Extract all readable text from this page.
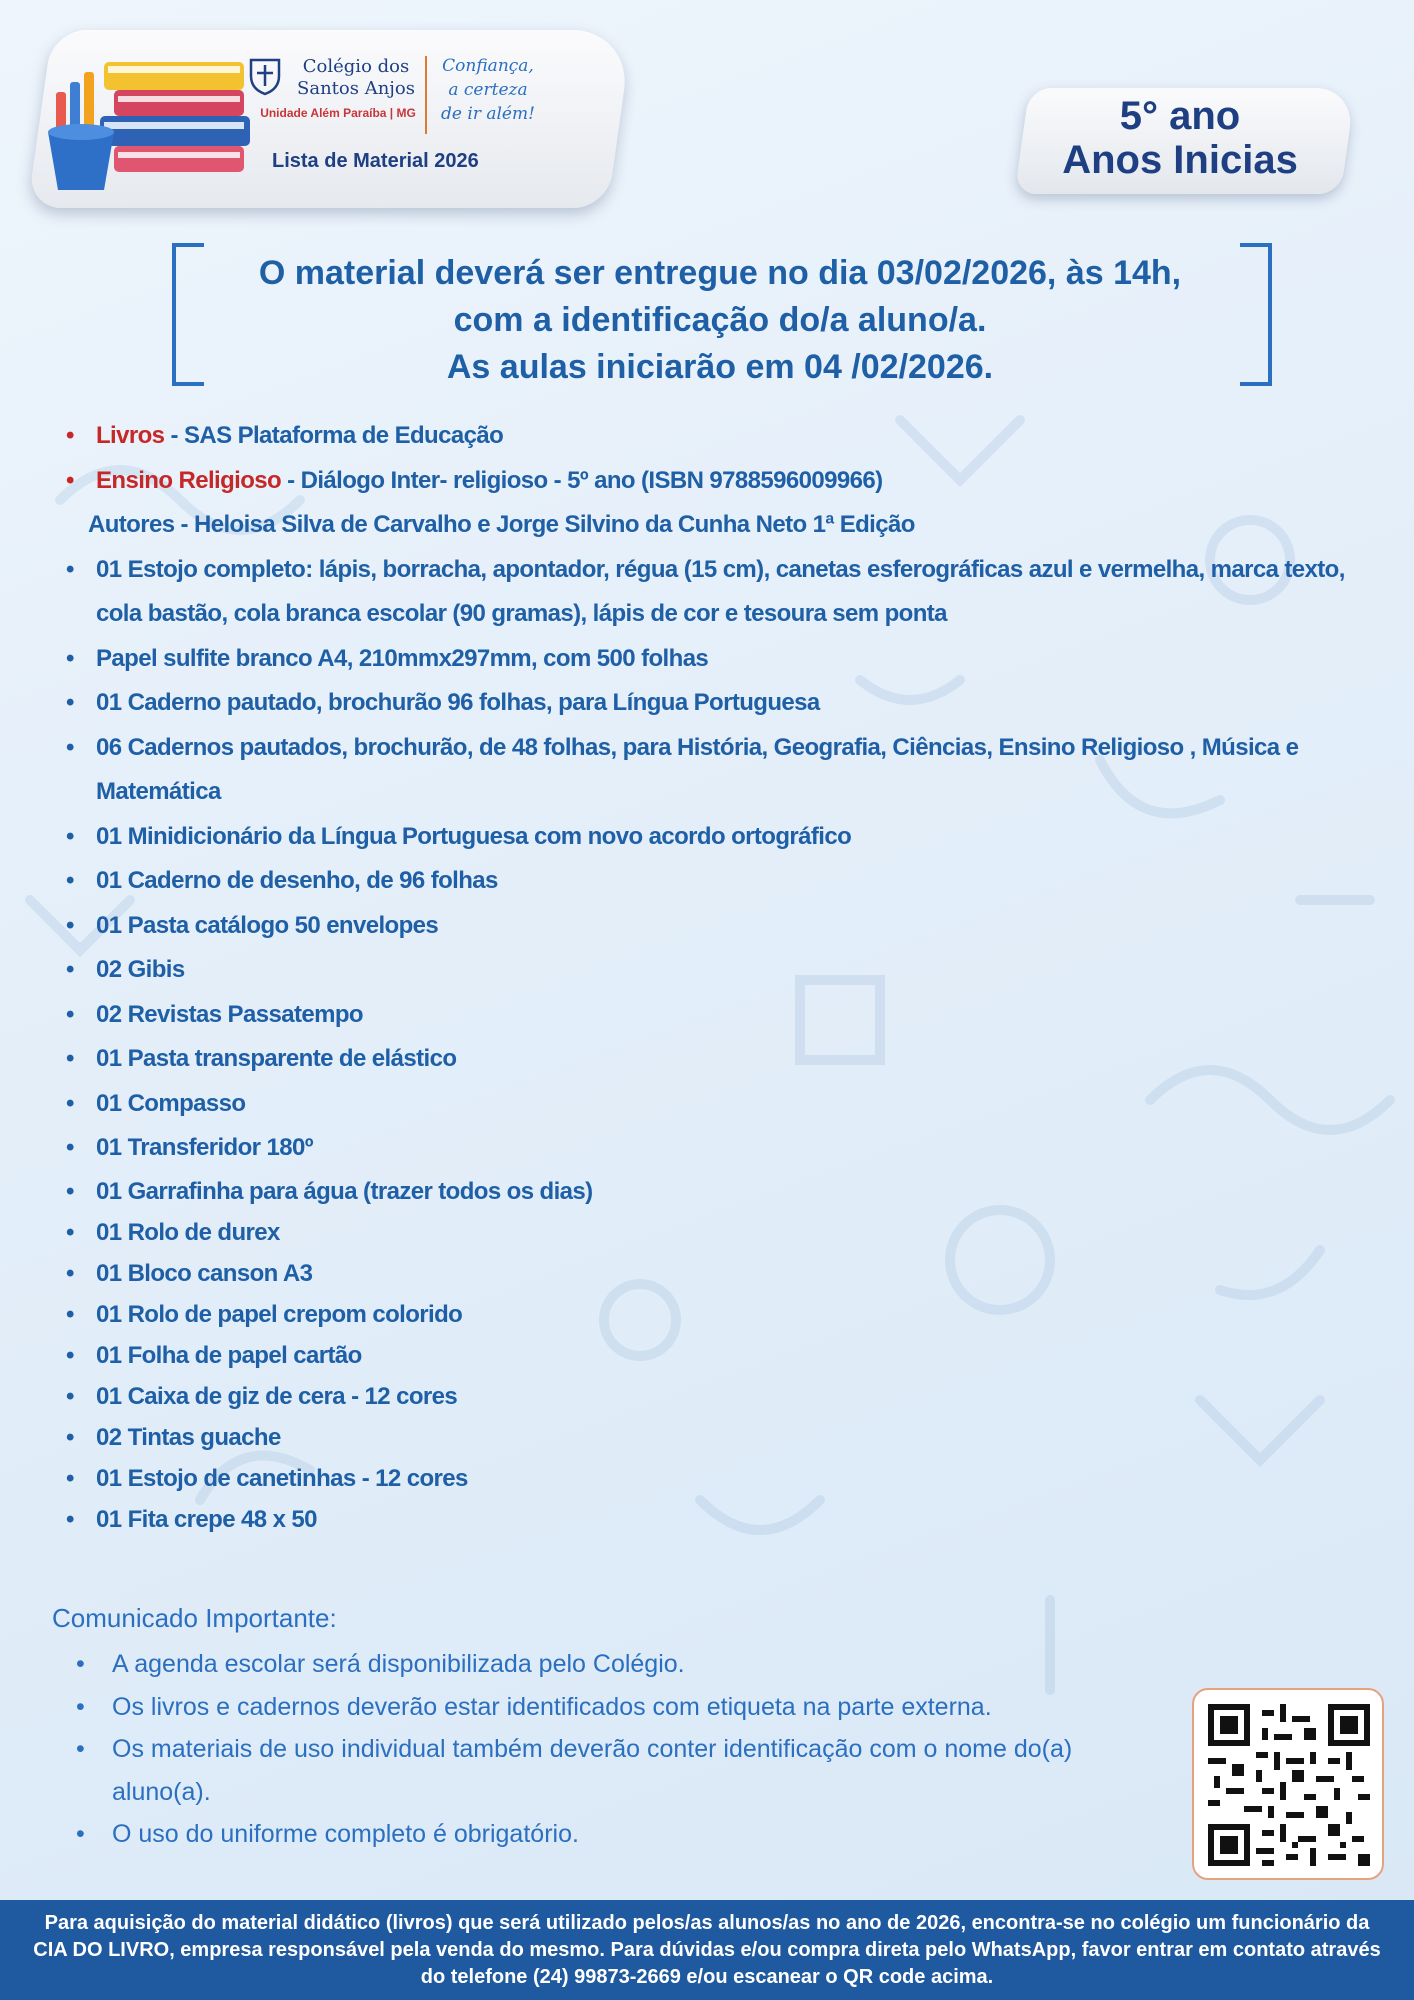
Colégio dos Santos Anjos
Unidade Além Paraíba | MG
Confiança, a certeza de ir além!
Lista de Material 2026
5° ano
Anos Inicias
O material deverá ser entregue no dia 03/02/2026, às 14h,
com a identificação do/a aluno/a.
As aulas iniciarão em 04 /02/2026.
• Livros - SAS Plataforma de Educação
• Ensino Religioso - Diálogo Inter- religioso - 5º ano (ISBN 9788596009966)
Autores - Heloisa Silva de Carvalho e Jorge Silvino da Cunha Neto 1ª Edição
• 01 Estojo completo: lápis, borracha, apontador, régua (15 cm), canetas esferográficas azul e vermelha, marca texto, cola bastão, cola branca escolar (90 gramas), lápis de cor e tesoura sem ponta
• Papel sulfite branco A4, 210mmx297mm, com 500 folhas
• 01 Caderno pautado, brochurão 96 folhas, para Língua Portuguesa
• 06 Cadernos pautados, brochurão, de 48 folhas, para História, Geografia, Ciências, Ensino Religioso , Música e Matemática
• 01 Minidicionário da Língua Portuguesa com novo acordo ortográfico
• 01 Caderno de desenho, de 96 folhas
• 01 Pasta catálogo 50 envelopes
• 02 Gibis
• 02 Revistas Passatempo
• 01 Pasta transparente de elástico
• 01 Compasso
• 01 Transferidor 180º
• 01 Garrafinha para água (trazer todos os dias)
• 01 Rolo de durex
• 01 Bloco canson A3
• 01 Rolo de papel crepom colorido
• 01 Folha de papel cartão
• 01 Caixa de giz de cera - 12 cores
• 02 Tintas guache
• 01 Estojo de canetinhas - 12 cores
• 01 Fita crepe 48 x 50
Comunicado Importante:
• A agenda escolar será disponibilizada pelo Colégio.
• Os livros e cadernos deverão estar identificados com etiqueta na parte externa.
• Os materiais de uso individual também deverão conter identificação com o nome do(a) aluno(a).
• O uso do uniforme completo é obrigatório.
Para aquisição do material didático (livros) que será utilizado pelos/as alunos/as no ano de 2026, encontra-se no colégio um funcionário da CIA DO LIVRO, empresa responsável pela venda do mesmo. Para dúvidas e/ou compra direta pelo WhatsApp, favor entrar em contato através do telefone (24) 99873-2669 e/ou escanear o QR code acima.
